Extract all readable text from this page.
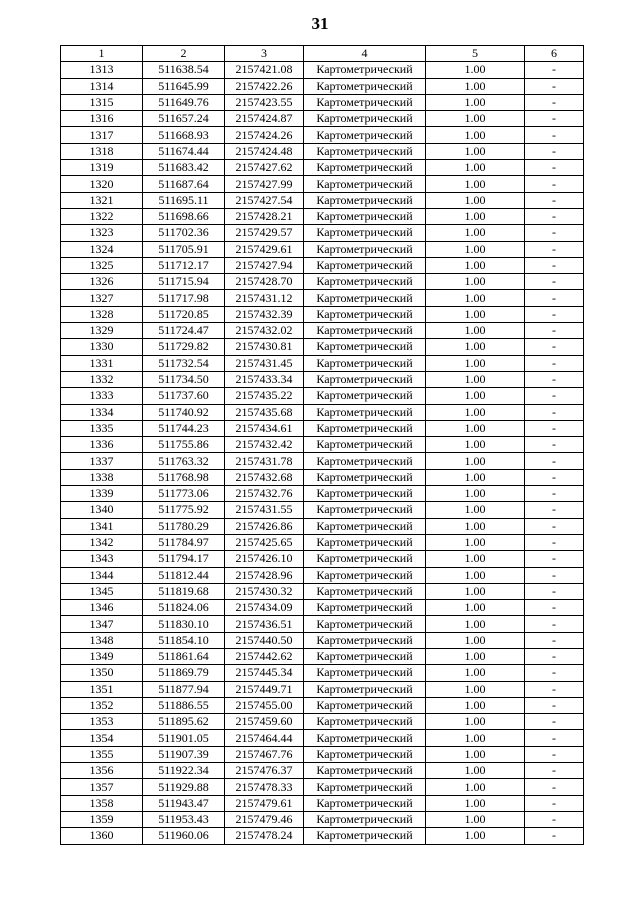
31
1	2	3	4	5	6
1313	511638.54	2157421.08	Картометрический	1.00	-
1314	511645.99	2157422.26	Картометрический	1.00	-
1315	511649.76	2157423.55	Картометрический	1.00	-
1316	511657.24	2157424.87	Картометрический	1.00	-
1317	511668.93	2157424.26	Картометрический	1.00	-
1318	511674.44	2157424.48	Картометрический	1.00	-
1319	511683.42	2157427.62	Картометрический	1.00	-
1320	511687.64	2157427.99	Картометрический	1.00	-
1321	511695.11	2157427.54	Картометрический	1.00	-
1322	511698.66	2157428.21	Картометрический	1.00	-
1323	511702.36	2157429.57	Картометрический	1.00	-
1324	511705.91	2157429.61	Картометрический	1.00	-
1325	511712.17	2157427.94	Картометрический	1.00	-
1326	511715.94	2157428.70	Картометрический	1.00	-
1327	511717.98	2157431.12	Картометрический	1.00	-
1328	511720.85	2157432.39	Картометрический	1.00	-
1329	511724.47	2157432.02	Картометрический	1.00	-
1330	511729.82	2157430.81	Картометрический	1.00	-
1331	511732.54	2157431.45	Картометрический	1.00	-
1332	511734.50	2157433.34	Картометрический	1.00	-
1333	511737.60	2157435.22	Картометрический	1.00	-
1334	511740.92	2157435.68	Картометрический	1.00	-
1335	511744.23	2157434.61	Картометрический	1.00	-
1336	511755.86	2157432.42	Картометрический	1.00	-
1337	511763.32	2157431.78	Картометрический	1.00	-
1338	511768.98	2157432.68	Картометрический	1.00	-
1339	511773.06	2157432.76	Картометрический	1.00	-
1340	511775.92	2157431.55	Картометрический	1.00	-
1341	511780.29	2157426.86	Картометрический	1.00	-
1342	511784.97	2157425.65	Картометрический	1.00	-
1343	511794.17	2157426.10	Картометрический	1.00	-
1344	511812.44	2157428.96	Картометрический	1.00	-
1345	511819.68	2157430.32	Картометрический	1.00	-
1346	511824.06	2157434.09	Картометрический	1.00	-
1347	511830.10	2157436.51	Картометрический	1.00	-
1348	511854.10	2157440.50	Картометрический	1.00	-
1349	511861.64	2157442.62	Картометрический	1.00	-
1350	511869.79	2157445.34	Картометрический	1.00	-
1351	511877.94	2157449.71	Картометрический	1.00	-
1352	511886.55	2157455.00	Картометрический	1.00	-
1353	511895.62	2157459.60	Картометрический	1.00	-
1354	511901.05	2157464.44	Картометрический	1.00	-
1355	511907.39	2157467.76	Картометрический	1.00	-
1356	511922.34	2157476.37	Картометрический	1.00	-
1357	511929.88	2157478.33	Картометрический	1.00	-
1358	511943.47	2157479.61	Картометрический	1.00	-
1359	511953.43	2157479.46	Картометрический	1.00	-
1360	511960.06	2157478.24	Картометрический	1.00	-
